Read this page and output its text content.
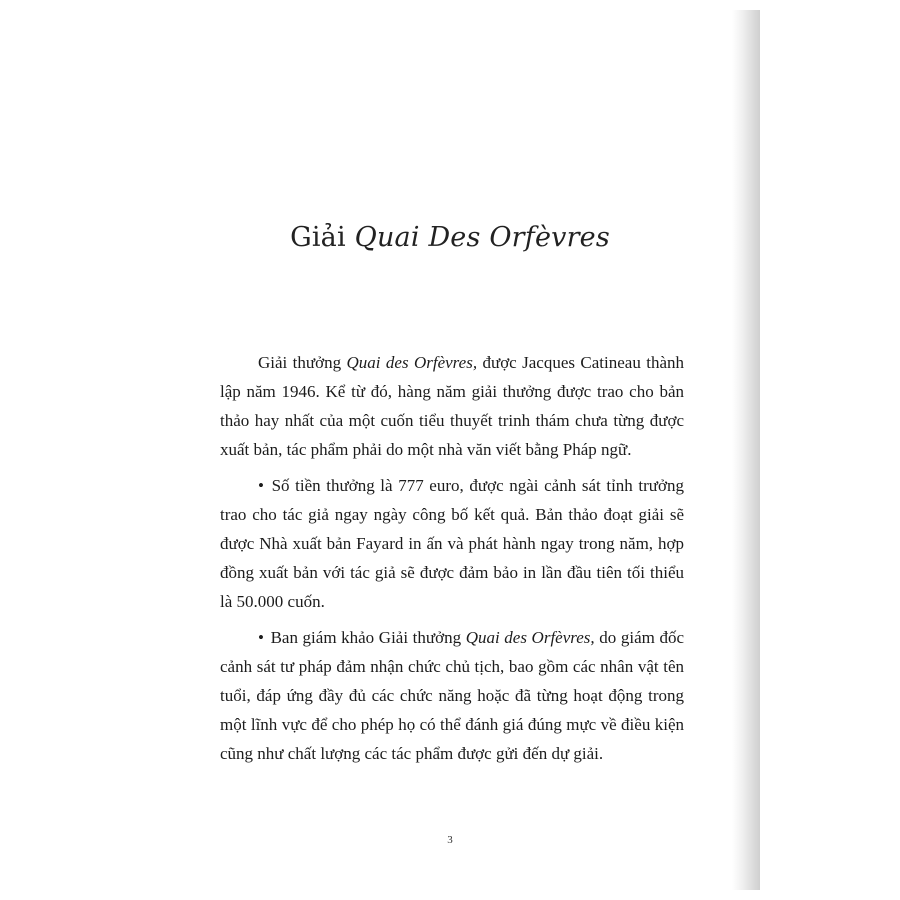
Giải Quai Des Orfèvres

Giải thưởng Quai des Orfèvres, được Jacques Catineau thành lập năm 1946. Kể từ đó, hàng năm giải thưởng được trao cho bản thảo hay nhất của một cuốn tiểu thuyết trinh thám chưa từng được xuất bản, tác phẩm phải do một nhà văn viết bằng Pháp ngữ.

• Số tiền thưởng là 777 euro, được ngài cảnh sát tỉnh trưởng trao cho tác giả ngay ngày công bố kết quả. Bản thảo đoạt giải sẽ được Nhà xuất bản Fayard in ấn và phát hành ngay trong năm, hợp đồng xuất bản với tác giả sẽ được đảm bảo in lần đầu tiên tối thiểu là 50.000 cuốn.

• Ban giám khảo Giải thưởng Quai des Orfèvres, do giám đốc cảnh sát tư pháp đảm nhận chức chủ tịch, bao gồm các nhân vật tên tuổi, đáp ứng đầy đủ các chức năng hoặc đã từng hoạt động trong một lĩnh vực để cho phép họ có thể đánh giá đúng mực về điều kiện cũng như chất lượng các tác phẩm được gửi đến dự giải.

3
